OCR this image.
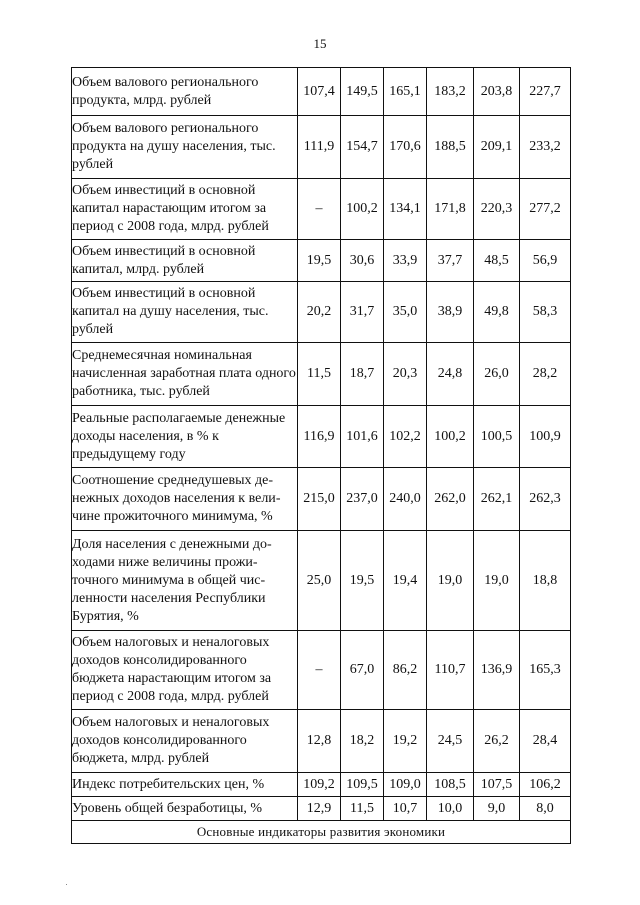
15
Объем валового регионального продукта, млрд. рублей	107,4	149,5	165,1	183,2	203,8	227,7
Объем валового регионального продукта на душу населения, тыс. рублей	111,9	154,7	170,6	188,5	209,1	233,2
Объем инвестиций в основной капитал нарастающим итогом за период с 2008 года, млрд. рублей	–	100,2	134,1	171,8	220,3	277,2
Объем инвестиций в основной капитал, млрд. рублей	19,5	30,6	33,9	37,7	48,5	56,9
Объем инвестиций в основной капитал на душу населения, тыс. рублей	20,2	31,7	35,0	38,9	49,8	58,3
Среднемесячная номинальная начисленная заработная плата одного работника, тыс. рублей	11,5	18,7	20,3	24,8	26,0	28,2
Реальные располагаемые денежные доходы населения, в % к предыдущему году	116,9	101,6	102,2	100,2	100,5	100,9
Соотношение среднедушевых денежных доходов населения к величине прожиточного минимума, %	215,0	237,0	240,0	262,0	262,1	262,3
Доля населения с денежными доходами ниже величины прожиточного минимума в общей численности населения Республики Бурятия, %	25,0	19,5	19,4	19,0	19,0	18,8
Объем налоговых и неналоговых доходов консолидированного бюджета нарастающим итогом за период с 2008 года, млрд. рублей	–	67,0	86,2	110,7	136,9	165,3
Объем налоговых и неналоговых доходов консолидированного бюджета, млрд. рублей	12,8	18,2	19,2	24,5	26,2	28,4
Индекс потребительских цен, %	109,2	109,5	109,0	108,5	107,5	106,2
Уровень общей безработицы, %	12,9	11,5	10,7	10,0	9,0	8,0
Основные индикаторы развития экономики						
